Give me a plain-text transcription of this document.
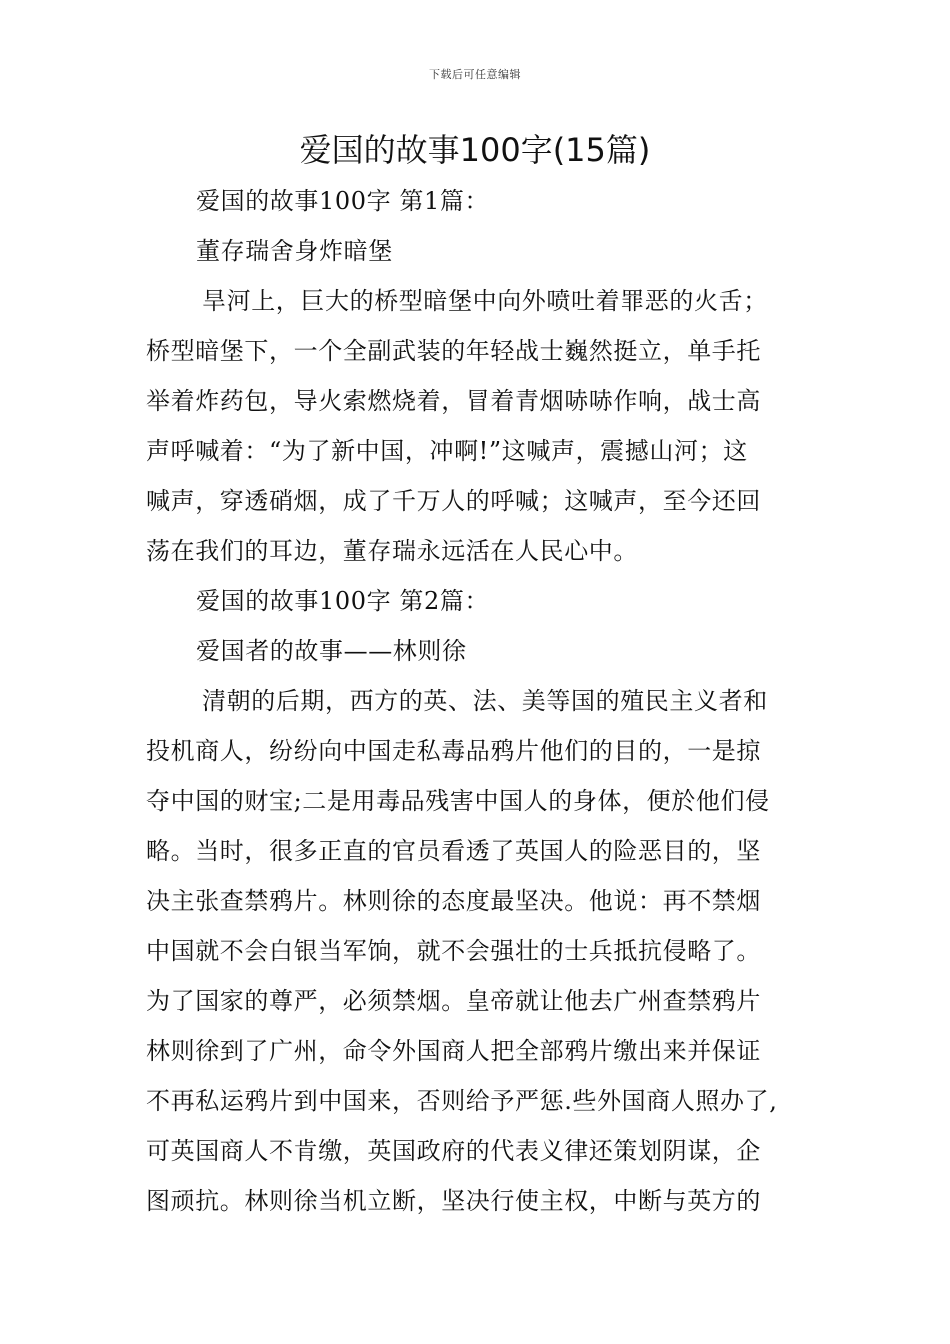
下载后可任意编辑
爱国的故事100字(15篇)
爱国的故事100字 第1篇：
董存瑞舍身炸暗堡
旱河上，巨大的桥型暗堡中向外喷吐着罪恶的火舌；
桥型暗堡下，一个全副武装的年轻战士巍然挺立，单手托
举着炸药包，导火索燃烧着，冒着青烟哧哧作响，战士高
声呼喊着：“为了新中国，冲啊!”这喊声，震撼山河；这
喊声，穿透硝烟，成了千万人的呼喊；这喊声，至今还回
荡在我们的耳边，董存瑞永远活在人民心中。
爱国的故事100字 第2篇：
爱国者的故事——林则徐
清朝的后期，西方的英、法、美等国的殖民主义者和
投机商人，纷纷向中国走私毒品鸦片他们的目的，一是掠
夺中国的财宝;二是用毒品残害中国人的身体，便於他们侵
略。当时，很多正直的官员看透了英国人的险恶目的，坚
决主张查禁鸦片。林则徐的态度最坚决。他说：再不禁烟
中国就不会白银当军饷，就不会强壮的士兵抵抗侵略了。
为了国家的尊严，必须禁烟。皇帝就让他去广州查禁鸦片
林则徐到了广州，命令外国商人把全部鸦片缴出来并保证
不再私运鸦片到中国来，否则给予严惩.些外国商人照办了,
可英国商人不肯缴，英国政府的代表义律还策划阴谋，企
图顽抗。林则徐当机立断，坚决行使主权，中断与英方的
